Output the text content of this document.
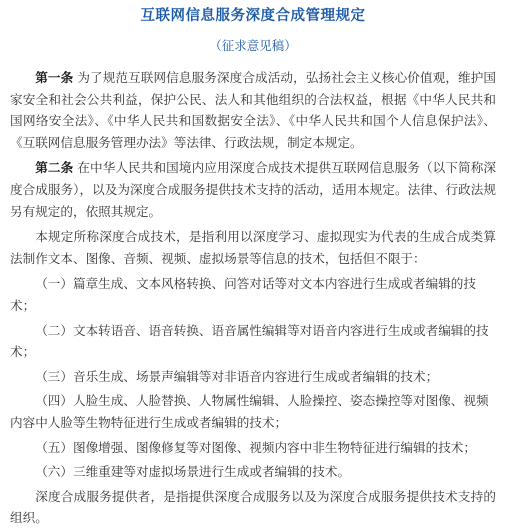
互联网信息服务深度合成管理规定
（征求意见稿）

第一条 为了规范互联网信息服务深度合成活动，弘扬社会主义核心价值观，维护国家安全和社会公共利益，保护公民、法人和其他组织的合法权益，根据《中华人民共和国网络安全法》、《中华人民共和国数据安全法》、《中华人民共和国个人信息保护法》、《互联网信息服务管理办法》等法律、行政法规，制定本规定。

第二条 在中华人民共和国境内应用深度合成技术提供互联网信息服务（以下简称深度合成服务），以及为深度合成服务提供技术支持的活动，适用本规定。法律、行政法规另有规定的，依照其规定。

本规定所称深度合成技术，是指利用以深度学习、虚拟现实为代表的生成合成类算法制作文本、图像、音频、视频、虚拟场景等信息的技术，包括但不限于：

（一）篇章生成、文本风格转换、问答对话等对文本内容进行生成或者编辑的技术；

（二）文本转语音、语音转换、语音属性编辑等对语音内容进行生成或者编辑的技术；

（三）音乐生成、场景声编辑等对非语音内容进行生成或者编辑的技术；

（四）人脸生成、人脸替换、人物属性编辑、人脸操控、姿态操控等对图像、视频内容中人脸等生物特征进行生成或者编辑的技术；

（五）图像增强、图像修复等对图像、视频内容中非生物特征进行编辑的技术；

（六）三维重建等对虚拟场景进行生成或者编辑的技术。

深度合成服务提供者，是指提供深度合成服务以及为深度合成服务提供技术支持的组织。
